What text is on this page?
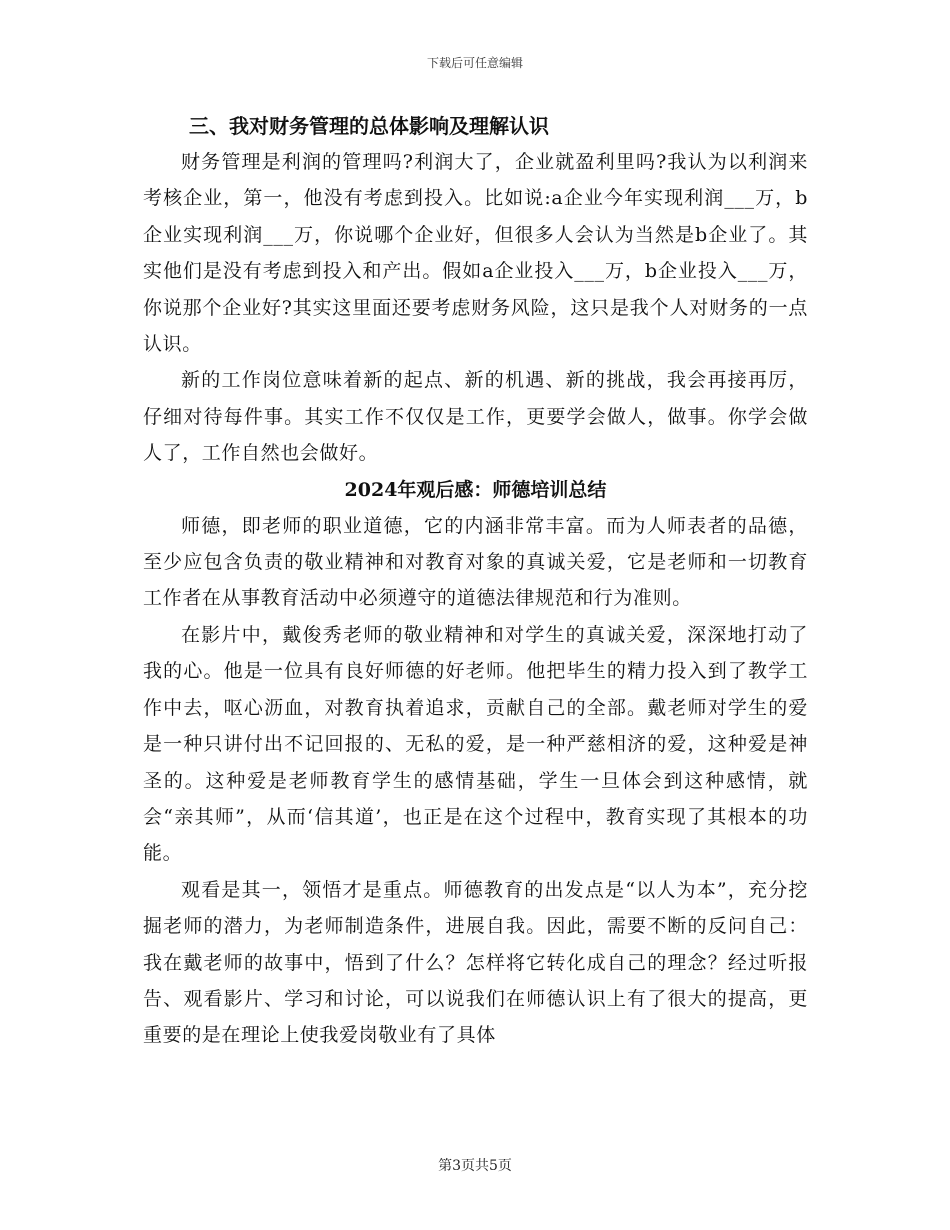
下载后可任意编辑
三、我对财务管理的总体影响及理解认识

财务管理是利润的管理吗?利润大了，企业就盈利里吗?我认为以利润来考核企业，第一，他没有考虑到投入。比如说:a企业今年实现利润___万，b企业实现利润___万，你说哪个企业好，但很多人会认为当然是b企业了。其实他们是没有考虑到投入和产出。假如a企业投入___万，b企业投入___万，你说那个企业好?其实这里面还要考虑财务风险，这只是我个人对财务的一点认识。

新的工作岗位意味着新的起点、新的机遇、新的挑战，我会再接再厉，仔细对待每件事。其实工作不仅仅是工作，更要学会做人，做事。你学会做人了，工作自然也会做好。

2024年观后感：师德培训总结

师德，即老师的职业道德，它的内涵非常丰富。而为人师表者的品德，至少应包含负责的敬业精神和对教育对象的真诚关爱，它是老师和一切教育工作者在从事教育活动中必须遵守的道德法律规范和行为准则。

在影片中，戴俊秀老师的敬业精神和对学生的真诚关爱，深深地打动了我的心。他是一位具有良好师德的好老师。他把毕生的精力投入到了教学工作中去，呕心沥血，对教育执着追求，贡献自己的全部。戴老师对学生的爱是一种只讲付出不记回报的、无私的爱，是一种严慈相济的爱，这种爱是神圣的。这种爱是老师教育学生的感情基础，学生一旦体会到这种感情，就会“亲其师”，从而‘信其道’，也正是在这个过程中，教育实现了其根本的功能。

观看是其一，领悟才是重点。师德教育的出发点是“以人为本”，充分挖掘老师的潜力，为老师制造条件，进展自我。因此，需要不断的反问自己：我在戴老师的故事中，悟到了什么？怎样将它转化成自己的理念？经过听报告、观看影片、学习和讨论，可以说我们在师德认识上有了很大的提高，更重要的是在理论上使我爱岗敬业有了具体

第3页共5页
